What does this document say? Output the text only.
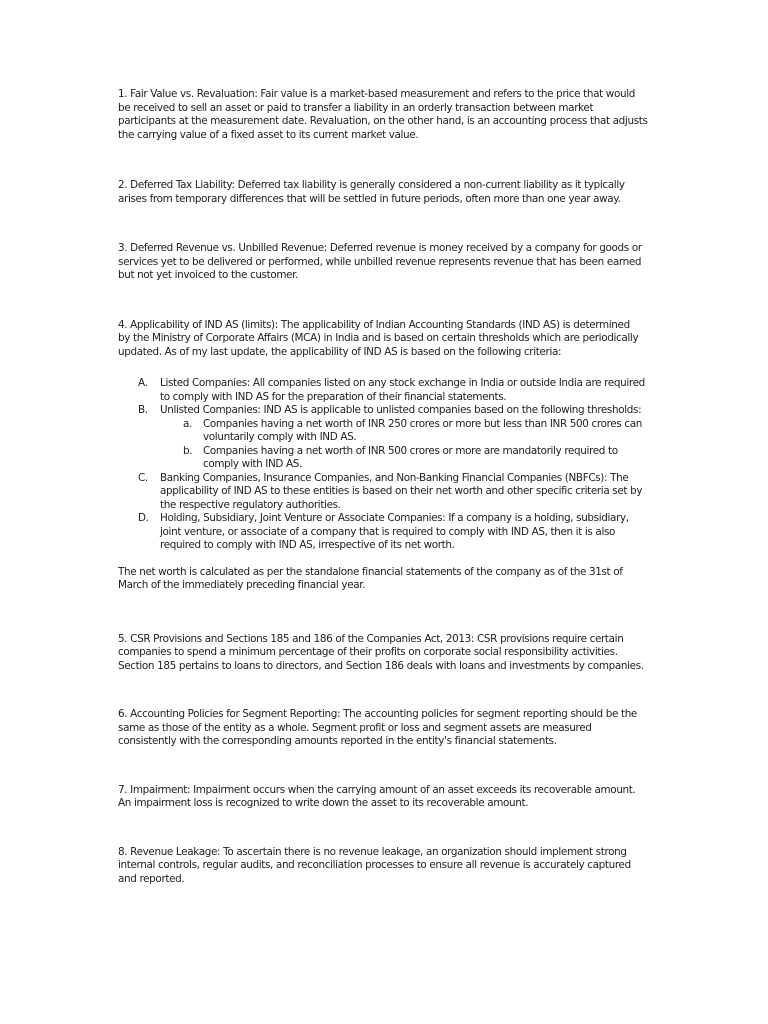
1. Fair Value vs. Revaluation: Fair value is a market-based measurement and refers to the price that would
be received to sell an asset or paid to transfer a liability in an orderly transaction between market
participants at the measurement date. Revaluation, on the other hand, is an accounting process that adjusts
the carrying value of a fixed asset to its current market value.

2. Deferred Tax Liability: Deferred tax liability is generally considered a non-current liability as it typically
arises from temporary differences that will be settled in future periods, often more than one year away.

3. Deferred Revenue vs. Unbilled Revenue: Deferred revenue is money received by a company for goods or
services yet to be delivered or performed, while unbilled revenue represents revenue that has been earned
but not yet invoiced to the customer.

4. Applicability of IND AS (limits): The applicability of Indian Accounting Standards (IND AS) is determined
by the Ministry of Corporate Affairs (MCA) in India and is based on certain thresholds which are periodically
updated. As of my last update, the applicability of IND AS is based on the following criteria:

A. Listed Companies: All companies listed on any stock exchange in India or outside India are required
to comply with IND AS for the preparation of their financial statements.
B. Unlisted Companies: IND AS is applicable to unlisted companies based on the following thresholds:
a. Companies having a net worth of INR 250 crores or more but less than INR 500 crores can
voluntarily comply with IND AS.
b. Companies having a net worth of INR 500 crores or more are mandatorily required to
comply with IND AS.
C. Banking Companies, Insurance Companies, and Non-Banking Financial Companies (NBFCs): The
applicability of IND AS to these entities is based on their net worth and other specific criteria set by
the respective regulatory authorities.
D. Holding, Subsidiary, Joint Venture or Associate Companies: If a company is a holding, subsidiary,
joint venture, or associate of a company that is required to comply with IND AS, then it is also
required to comply with IND AS, irrespective of its net worth.

The net worth is calculated as per the standalone financial statements of the company as of the 31st of
March of the immediately preceding financial year.

5. CSR Provisions and Sections 185 and 186 of the Companies Act, 2013: CSR provisions require certain
companies to spend a minimum percentage of their profits on corporate social responsibility activities.
Section 185 pertains to loans to directors, and Section 186 deals with loans and investments by companies.

6. Accounting Policies for Segment Reporting: The accounting policies for segment reporting should be the
same as those of the entity as a whole. Segment profit or loss and segment assets are measured
consistently with the corresponding amounts reported in the entity's financial statements.

7. Impairment: Impairment occurs when the carrying amount of an asset exceeds its recoverable amount.
An impairment loss is recognized to write down the asset to its recoverable amount.

8. Revenue Leakage: To ascertain there is no revenue leakage, an organization should implement strong
internal controls, regular audits, and reconciliation processes to ensure all revenue is accurately captured
and reported.
